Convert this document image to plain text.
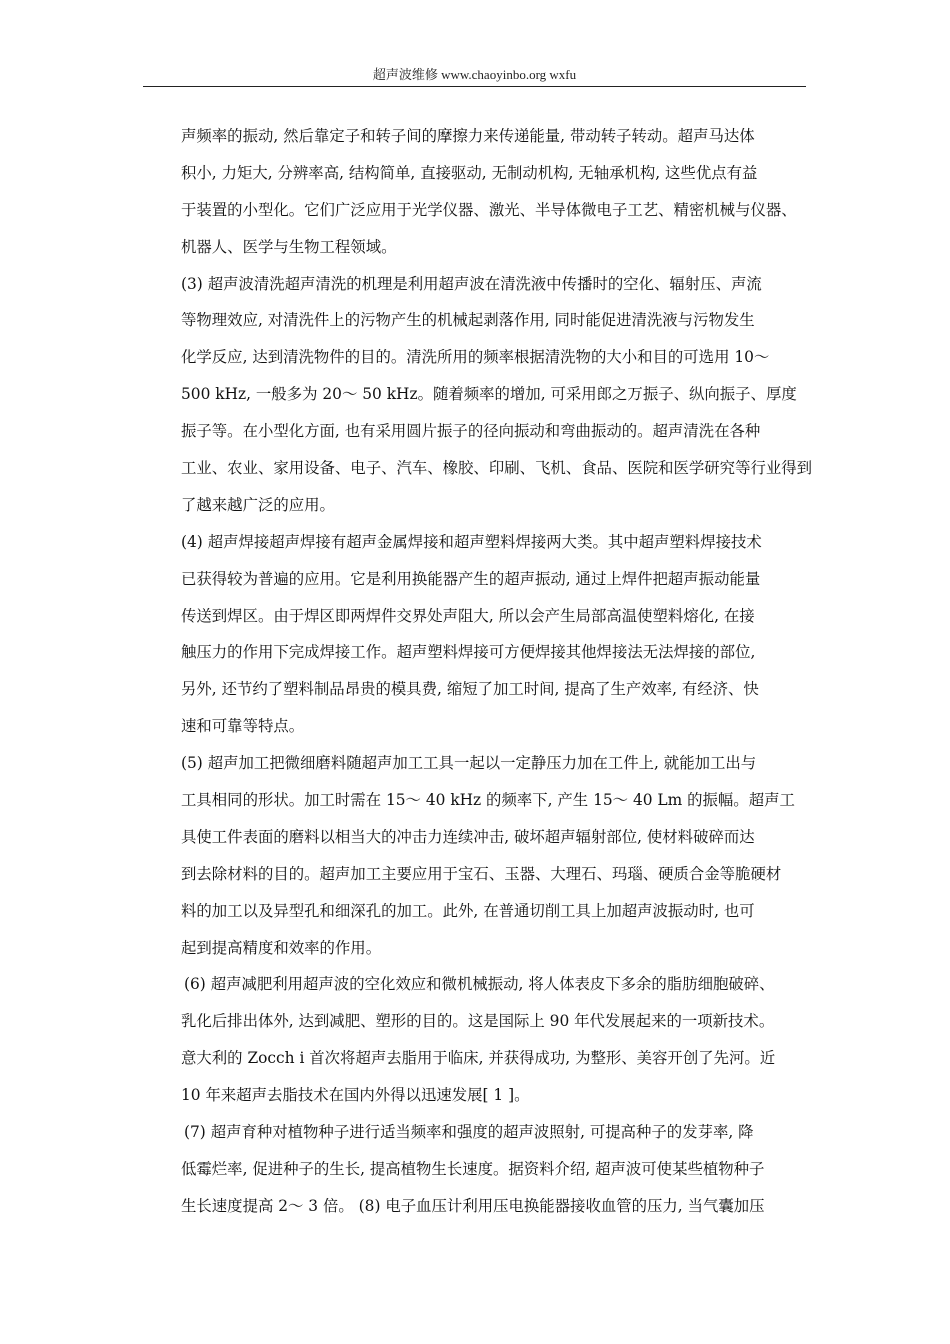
超声波维修 www.chaoyinbo.org wxfu
声频率的振动, 然后靠定子和转子间的摩擦力来传递能量, 带动转子转动。超声马达体
积小, 力矩大, 分辨率高, 结构简单, 直接驱动, 无制动机构, 无轴承机构, 这些优点有益
于装置的小型化。它们广泛应用于光学仪器、激光、半导体微电子工艺、精密机械与仪器、
机器人、医学与生物工程领域。
(3) 超声波清洗超声清洗的机理是利用超声波在清洗液中传播时的空化、辐射压、声流
等物理效应, 对清洗件上的污物产生的机械起剥落作用, 同时能促进清洗液与污物发生
化学反应, 达到清洗物件的目的。清洗所用的频率根据清洗物的大小和目的可选用 10～
500 kHz, 一般多为 20～ 50 kHz。随着频率的增加, 可采用郎之万振子、纵向振子、厚度
振子等。在小型化方面, 也有采用圆片振子的径向振动和弯曲振动的。超声清洗在各种
工业、农业、家用设备、电子、汽车、橡胶、印刷、飞机、食品、医院和医学研究等行业得到
了越来越广泛的应用。
(4) 超声焊接超声焊接有超声金属焊接和超声塑料焊接两大类。其中超声塑料焊接技术
已获得较为普遍的应用。它是利用换能器产生的超声振动, 通过上焊件把超声振动能量
传送到焊区。由于焊区即两焊件交界处声阻大, 所以会产生局部高温使塑料熔化, 在接
触压力的作用下完成焊接工作。超声塑料焊接可方便焊接其他焊接法无法焊接的部位,
另外, 还节约了塑料制品昂贵的模具费, 缩短了加工时间, 提高了生产效率, 有经济、快
速和可靠等特点。
(5) 超声加工把微细磨料随超声加工工具一起以一定静压力加在工件上, 就能加工出与
工具相同的形状。加工时需在 15～ 40 kHz 的频率下, 产生 15～ 40 Lm 的振幅。超声工
具使工件表面的磨料以相当大的冲击力连续冲击, 破坏超声辐射部位, 使材料破碎而达
到去除材料的目的。超声加工主要应用于宝石、玉器、大理石、玛瑙、硬质合金等脆硬材
料的加工以及异型孔和细深孔的加工。此外, 在普通切削工具上加超声波振动时, 也可
起到提高精度和效率的作用。
(6) 超声减肥利用超声波的空化效应和微机械振动, 将人体表皮下多余的脂肪细胞破碎、
乳化后排出体外, 达到减肥、塑形的目的。这是国际上 90 年代发展起来的一项新技术。
意大利的 Zocch i 首次将超声去脂用于临床, 并获得成功, 为整形、美容开创了先河。近
10 年来超声去脂技术在国内外得以迅速发展[ 1 ]。
(7) 超声育种对植物种子进行适当频率和强度的超声波照射, 可提高种子的发芽率, 降
低霉烂率, 促进种子的生长, 提高植物生长速度。据资料介绍, 超声波可使某些植物种子
生长速度提高 2～ 3 倍。 (8) 电子血压计利用压电换能器接收血管的压力, 当气囊加压
